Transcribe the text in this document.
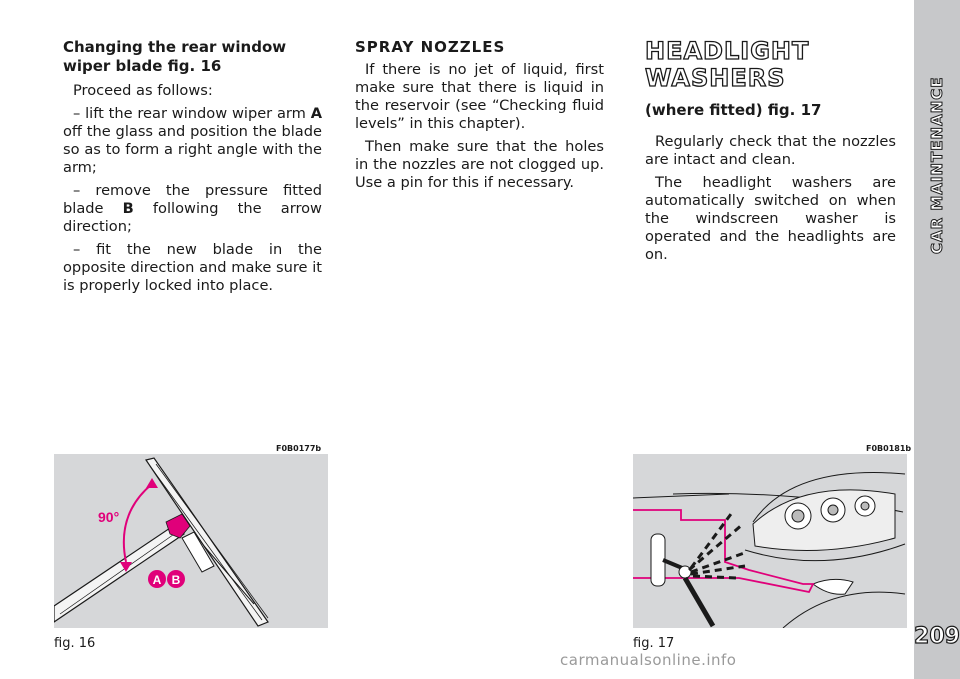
CAR MAINTENANCE
209
Changing the rear window wiper blade fig. 16

Proceed as follows:

– lift the rear window wiper arm A off the glass and position the blade so as to form a right angle with the arm;

– remove the pressure fitted blade B following the arrow direction;

– fit the new blade in the opposite direction and make sure it is properly locked into place.

SPRAY NOZZLES

If there is no jet of liquid, first make sure that there is liquid in the reservoir (see “Checking fluid levels” in this chapter).

Then make sure that the holes in the nozzles are not clogged up. Use a pin for this if necessary.

HEADLIGHT
WASHERS
(where fitted) fig. 17

Regularly check that the nozzles are intact and clean.

The headlight washers are automatically switched on when the windscreen washer is operated and the headlights are on.

F0B0177b
90°
A B
fig. 16
F0B0181b
fig. 17
carmanualsonline.info
